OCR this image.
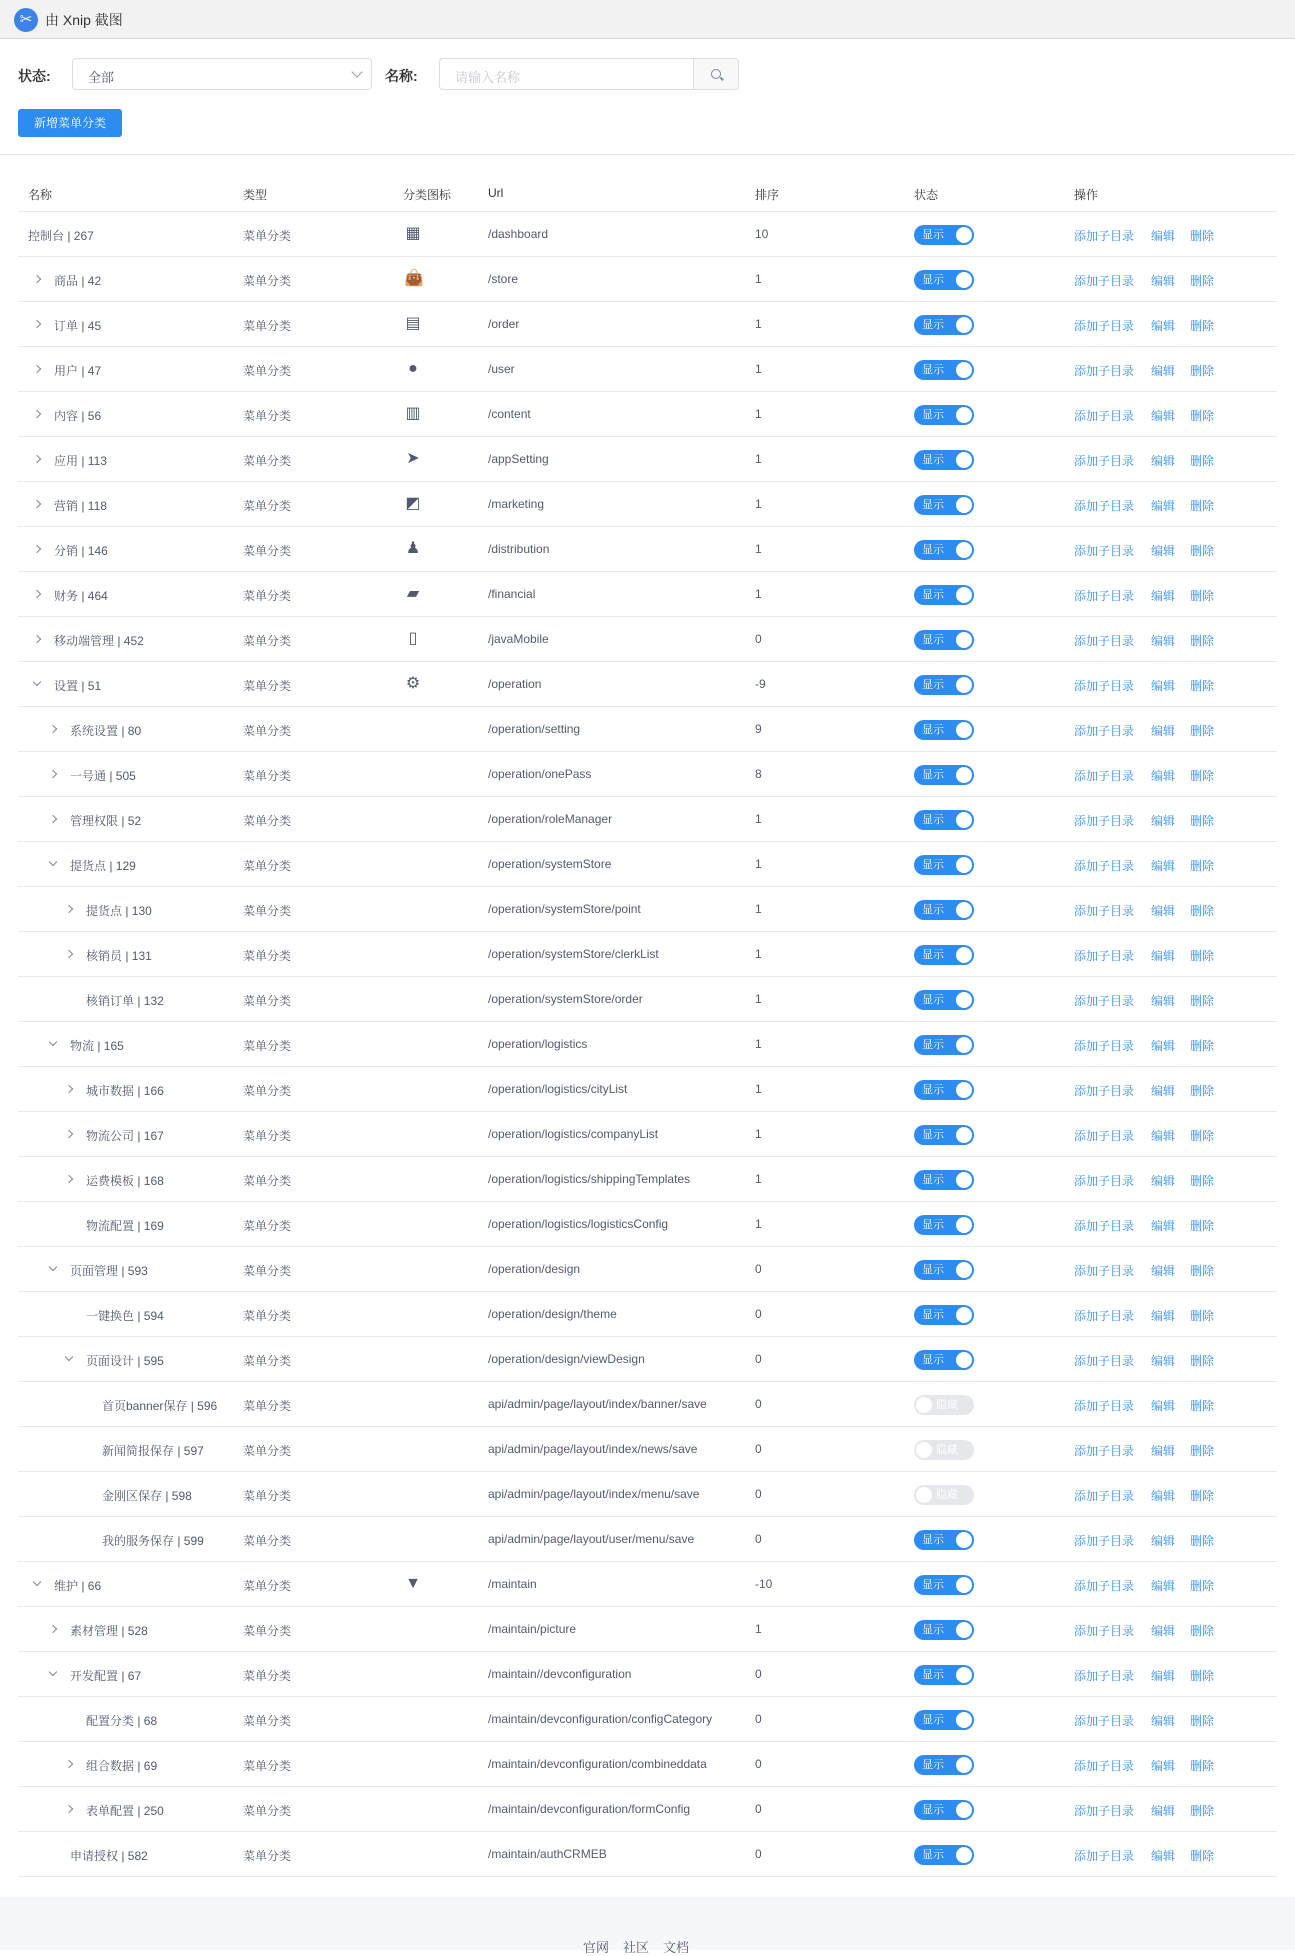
✂ 由 Xnip 截图
状态:	全部	名称:	请输入名称
新增菜单分类
名称	类型	分类图标	Url	排序	状态	操作
控制台 | 267	菜单分类	▦	/dashboard	10	显示	添加子目录 编辑 删除
商品 | 42	菜单分类	👜	/store	1	显示	添加子目录 编辑 删除
订单 | 45	菜单分类	▤	/order	1	显示	添加子目录 编辑 删除
用户 | 47	菜单分类	●	/user	1	显示	添加子目录 编辑 删除
内容 | 56	菜单分类	▥	/content	1	显示	添加子目录 编辑 删除
应用 | 113	菜单分类	➤	/appSetting	1	显示	添加子目录 编辑 删除
营销 | 118	菜单分类	◩	/marketing	1	显示	添加子目录 编辑 删除
分销 | 146	菜单分类	♟	/distribution	1	显示	添加子目录 编辑 删除
财务 | 464	菜单分类	▰	/financial	1	显示	添加子目录 编辑 删除
移动端管理 | 452	菜单分类	▯	/javaMobile	0	显示	添加子目录 编辑 删除
设置 | 51	菜单分类	⚙	/operation	-9	显示	添加子目录 编辑 删除
系统设置 | 80	菜单分类	/operation/setting	9	显示	添加子目录 编辑 删除
一号通 | 505	菜单分类	/operation/onePass	8	显示	添加子目录 编辑 删除
管理权限 | 52	菜单分类	/operation/roleManager	1	显示	添加子目录 编辑 删除
提货点 | 129	菜单分类	/operation/systemStore	1	显示	添加子目录 编辑 删除
提货点 | 130	菜单分类	/operation/systemStore/point	1	显示	添加子目录 编辑 删除
核销员 | 131	菜单分类	/operation/systemStore/clerkList	1	显示	添加子目录 编辑 删除
核销订单 | 132	菜单分类	/operation/systemStore/order	1	显示	添加子目录 编辑 删除
物流 | 165	菜单分类	/operation/logistics	1	显示	添加子目录 编辑 删除
城市数据 | 166	菜单分类	/operation/logistics/cityList	1	显示	添加子目录 编辑 删除
物流公司 | 167	菜单分类	/operation/logistics/companyList	1	显示	添加子目录 编辑 删除
运费模板 | 168	菜单分类	/operation/logistics/shippingTemplates	1	显示	添加子目录 编辑 删除
物流配置 | 169	菜单分类	/operation/logistics/logisticsConfig	1	显示	添加子目录 编辑 删除
页面管理 | 593	菜单分类	/operation/design	0	显示	添加子目录 编辑 删除
一键换色 | 594	菜单分类	/operation/design/theme	0	显示	添加子目录 编辑 删除
页面设计 | 595	菜单分类	/operation/design/viewDesign	0	显示	添加子目录 编辑 删除
首页banner保存 | 596 菜单分类	api/admin/page/layout/index/banner/save	0	隐藏	添加子目录 编辑 删除
新闻简报保存 | 597	菜单分类	api/admin/page/layout/index/news/save	0	隐藏	添加子目录 编辑 删除
金刚区保存 | 598	菜单分类	api/admin/page/layout/index/menu/save	0	隐藏	添加子目录 编辑 删除
我的服务保存 | 599	菜单分类	api/admin/page/layout/user/menu/save	0	显示	添加子目录 编辑 删除
维护 | 66	菜单分类	▼	/maintain	-10	显示	添加子目录 编辑 删除
素材管理 | 528	菜单分类	/maintain/picture	1	显示	添加子目录 编辑 删除
开发配置 | 67	菜单分类	/maintain//devconfiguration	0	显示	添加子目录 编辑 删除
配置分类 | 68	菜单分类	/maintain/devconfiguration/configCategory	0	显示	添加子目录 编辑 删除
组合数据 | 69	菜单分类	/maintain/devconfiguration/combineddata	0	显示	添加子目录 编辑 删除
表单配置 | 250	菜单分类	/maintain/devconfiguration/formConfig	0	显示	添加子目录 编辑 删除
申请授权 | 582	菜单分类	/maintain/authCRMEB	0	显示	添加子目录 编辑 删除
官网 社区 文档
